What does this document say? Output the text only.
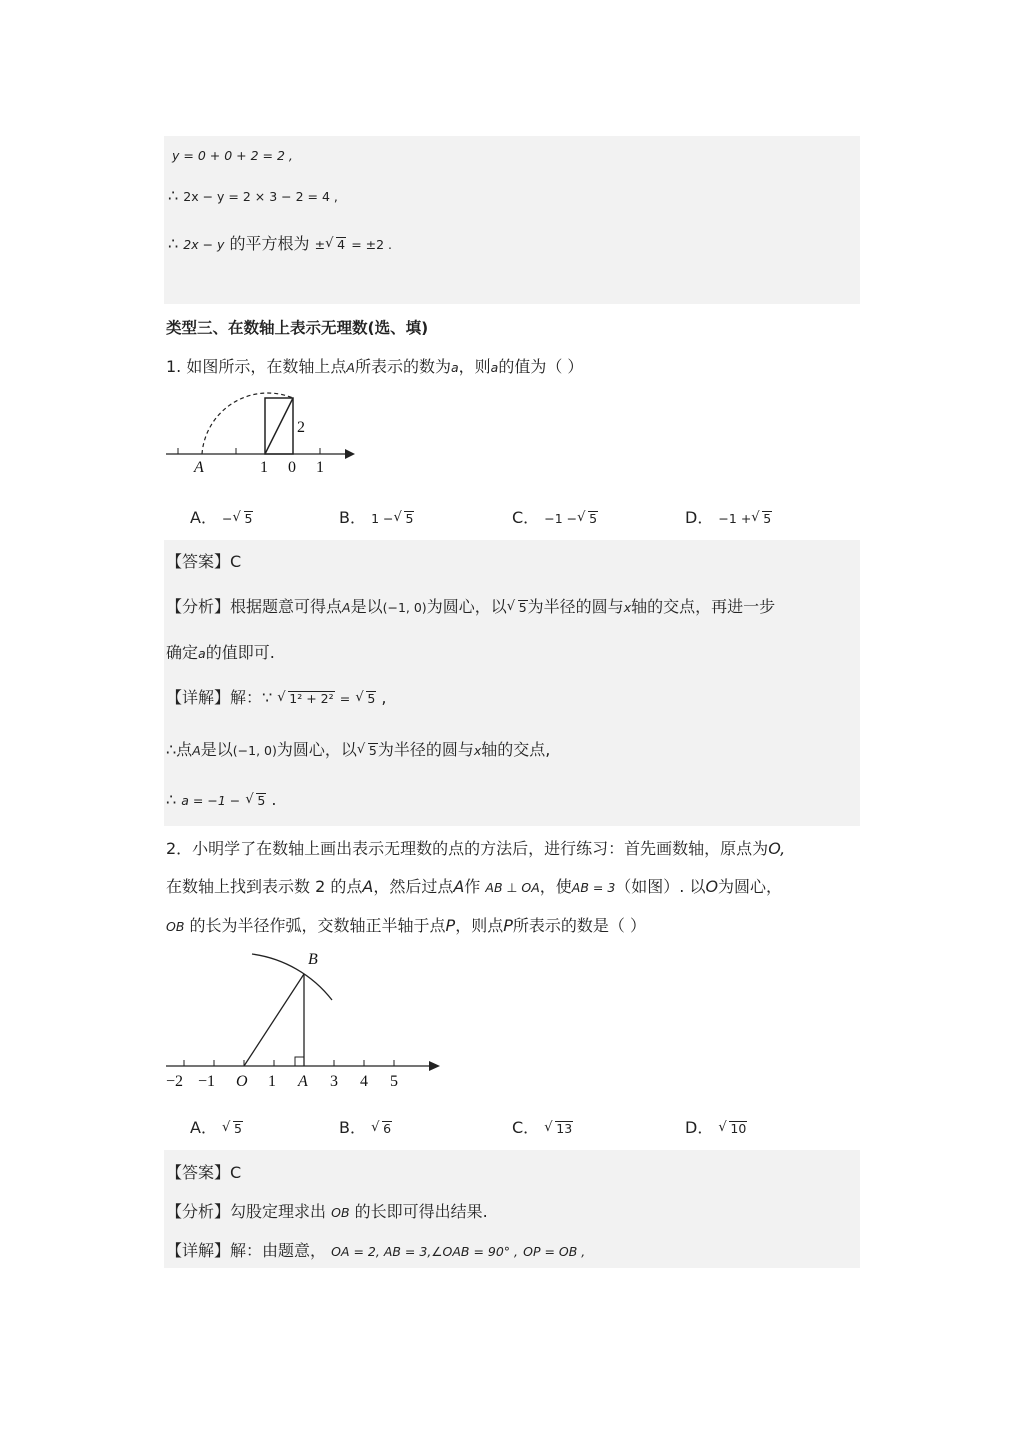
y = 0 + 0 + 2 = 2 ,
∴ 2x − y = 2 × 3 − 2 = 4 ,
∴ 2x − y 的平方根为 ± √ 4 = ±2 .
类型三、在数轴上表示无理数(选、填)
1. 如图所示，在数轴上点A所表示的数为a，则a的值为（ ）
A	1 0 1
2
A． − √ 5	B． 1 − √ 5	C． −1 − √ 5	D． −1 + √ 5
【答案】C
【分析】根据题意可得点A是以(−1, 0)为圆心，以 √ 5为半径的圆与x轴的交点，再进一步
确定a的值即可.
【详解】解：∵ √ 1² + 2² = √ 5 ,
∴点A是以(−1, 0)为圆心，以 √ 5为半径的圆与x轴的交点,
∴ a = −1 − √ 5 .
2．小明学了在数轴上画出表示无理数的点的方法后，进行练习：首先画数轴，原点为O,
在数轴上找到表示数 2 的点A，然后过点A作 AB ⊥ OA，使AB = 3（如图）. 以O为圆心，
OB 的长为半径作弧，交数轴正半轴于点P，则点P所表示的数是（ ）
−2 −1 O 1 A 3 4 5
B
A． √ 5	B． √ 6	C． √ 13	D． √ 10
【答案】C
【分析】勾股定理求出 OB 的长即可得出结果.
【详解】解：由题意， OA = 2, AB = 3,∠OAB = 90° , OP = OB ,
